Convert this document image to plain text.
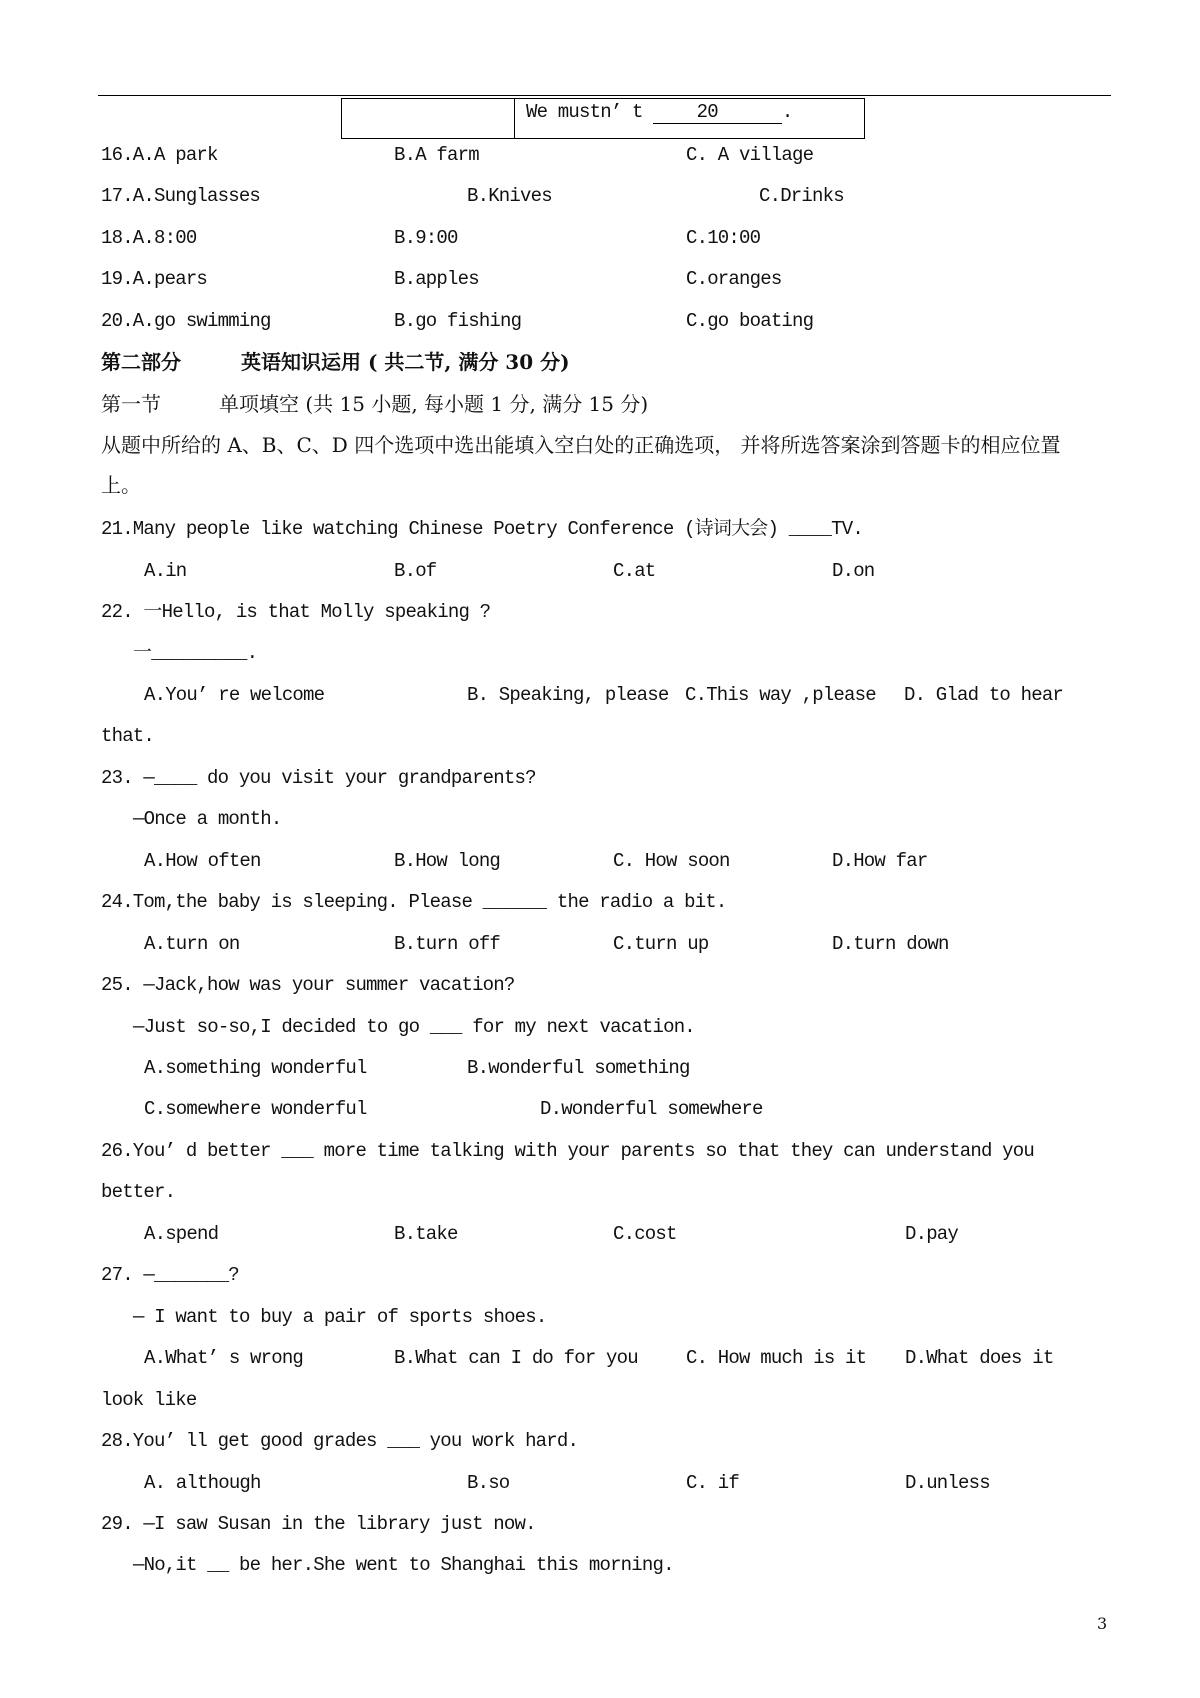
We mustn’ t	20	.
16.A.A park	B.A farm	C. A village
17.A.Sunglasses	B.Knives	C.Drinks
18.A.8:00	B.9:00	C.10:00
19.A.pears	B.apples	C.oranges
20.A.go swimming	B.go fishing	C.go boating
第二部分	英语知识运用 ( 共二节, 满分 30 分)
第一节	单项填空 (共 15 小题, 每小题 1 分, 满分 15 分)
从题中所给的 A、B、C、D 四个选项中选出能填入空白处的正确选项， 并将所选答案涂到答题卡的相应位置
上。
21.Many people like watching Chinese Poetry Conference (诗词大会) ____TV.
A.in	B.of	C.at	D.on
22. 一Hello, is that Molly speaking ?
一_________.
A.You’ re welcome	B. Speaking, please C.This way ,please D. Glad to hear
that.
23. —____ do you visit your grandparents?
—Once a month.
A.How often	B.How long	C. How soon	D.How far
24.Tom,the baby is sleeping. Please ______ the radio a bit.
A.turn on	B.turn off	C.turn up	D.turn down
25. —Jack,how was your summer vacation?
—Just so-so,I decided to go ___ for my next vacation.
A.something wonderful	B.wonderful something
C.somewhere wonderful	D.wonderful somewhere
26.You’ d better ___ more time talking with your parents so that they can understand you
better.
A.spend	B.take	C.cost	D.pay
27. —_______?
— I want to buy a pair of sports shoes.
A.What’ s wrong	B.What can I do for you	C. How much is it D.What does it
look like
28.You’ ll get good grades ___ you work hard.
A. although	B.so	C. if	D.unless
29. —I saw Susan in the library just now.
—No,it __ be her.She went to Shanghai this morning.
3
